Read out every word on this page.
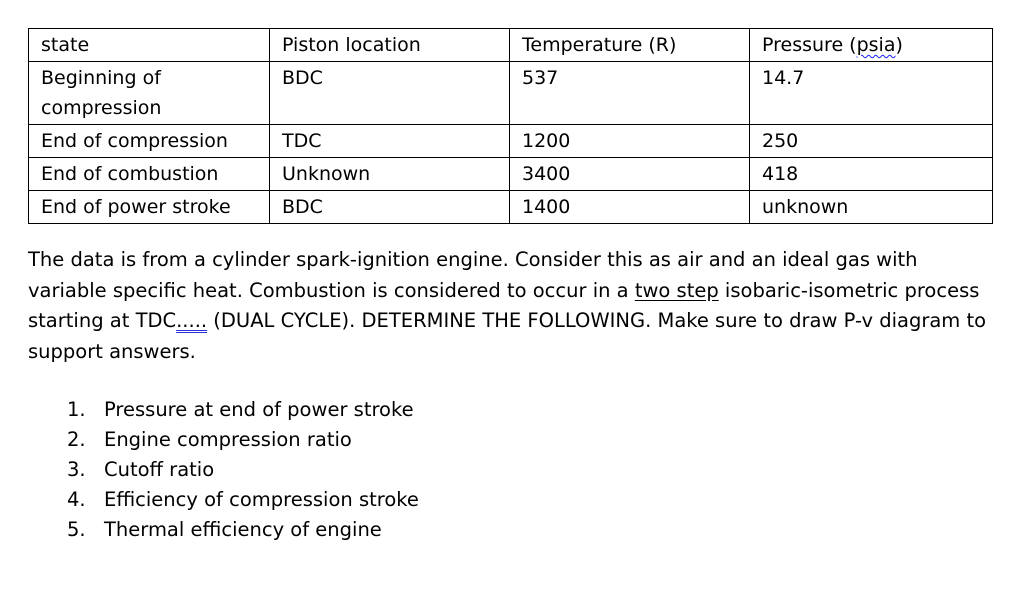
state	Piston location	Temperature (R)	Pressure (psia)
Beginning of compression	BDC	537	14.7
End of compression	TDC	1200	250
End of combustion	Unknown	3400	418
End of power stroke	BDC	1400	unknown

The data is from a cylinder spark-ignition engine. Consider this as air and an ideal gas with variable specific heat. Combustion is considered to occur in a two step isobaric-isometric process starting at TDC..... (DUAL CYCLE). DETERMINE THE FOLLOWING. Make sure to draw P-v diagram to support answers.

1. Pressure at end of power stroke
2. Engine compression ratio
3. Cutoff ratio
4. Efficiency of compression stroke
5. Thermal efficiency of engine
